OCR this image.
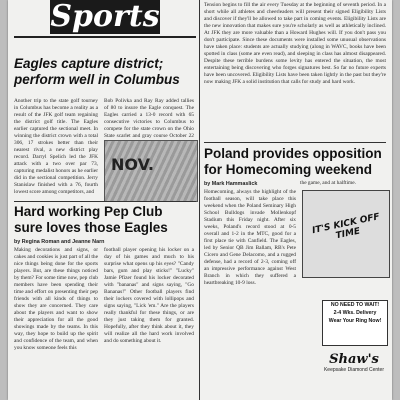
Sports
Eagles capture district; perform well in Columbus
Another trip to the state golf tourney in Columbus has become a reality as a result of the JFK golf team regaining the district golf title. The Eagles earlier captured the sectional meet. In winning the district crown with a total 306, 17 strokes better than their nearest rival, a new district play record. Darryl Spelich led the JFK attack with a two over par 73, capturing medalist honors as he earlier did in the sectional competition. Jerry Stanislaw finished with a 76, fourth lowest score among competitors, and
Bob Polivka and Ray Ray added tallies of 80 to insure the Eagle conquest. The Eagles carried a 13-0 record with 65 consecutive victories to Columbus to compete for the state crown on the Ohio State scarlet and gray course October 22
NOV.
Hard working Pep Club sure loves those Eagles
by Regina Roman and Jeanne Narn
Making decorations and signs, or cakes and cookies is just part of all the nice things being done for the sports players. But, are these things noticed by them? For some time now, pep club members have been spending their time and effort on presenting their pep friends with all kinds of things to show they are concerned. They care about the players and want to show their appreciation for all the good showings made by the teams. In this way, they hope to build up the spirit and confidence of the team, and when you know someone feels this
football player opening his locker on a day of his games and much to his surprise what opens up his eyes? "Candy bars, gum and play sticks!" "Lucky" Jamie Pfizer found his locker decorated with "bananas" and signs saying, "Go Bananas!" Other football players find their lockers covered with lollipops and signs saying, "Lick 'em." Are the players really thankful for these things, or are they just taking them for granted. Hopefully, after they think about it, they will realize all the hard work involved and do something about it.
Tension begins to fill the air every Tuesday at the beginning of seventh period. In a short while all athletes and cheerleaders will present their signed Eligibility Lists and discover if they'll be allowed to take part in coming events. Eligibility Lists are the new innovation that makes sure you're scholarly as well as athletically inclined. At JFK they are more valuable than a Howard Hughes will. If you don't pass you don't participate. Since these documents were installed some unusual observations have taken place: students are actually studying (along in WAVC, books have been spotted in class (some are even read), and sleeping in class has almost disappeared. Despite these terrible burdens some levity has entered the situation, the most entertaining being discovering who forges signatures best. So far no future experts have been uncovered. Eligibility Lists have been taken lightly in the past but they're now making JFK a solid institution that calls for study and hard work.
Poland provides opposition for Homecoming weekend
by Mark Hammaslick
Homecoming, always the highlight of the football season, will take place this weekend when the Poland Seminary High School Bulldogs invade Mollenkopf Stadium this Friday night. After six weeks, Poland's record stood at 0-5 overall and 1-2 in the MTC, good for a first place tie with Canfield. The Eagles, led by Senior QB Jim Ballam, RB's Pete Cicero and Gene Delacomo, and a rugged defense, had a record of 2-3, coming off an impressive performance against West Branch in which they suffered a heartbreaking 10-9 loss.
the game, and at halftime.
IT'S KICK OFF TIME
NO NEED TO WAIT!
2-4 Wks. Delivery
Wear Your Ring Now!
Shaw's
Keepsake Diamond Center
